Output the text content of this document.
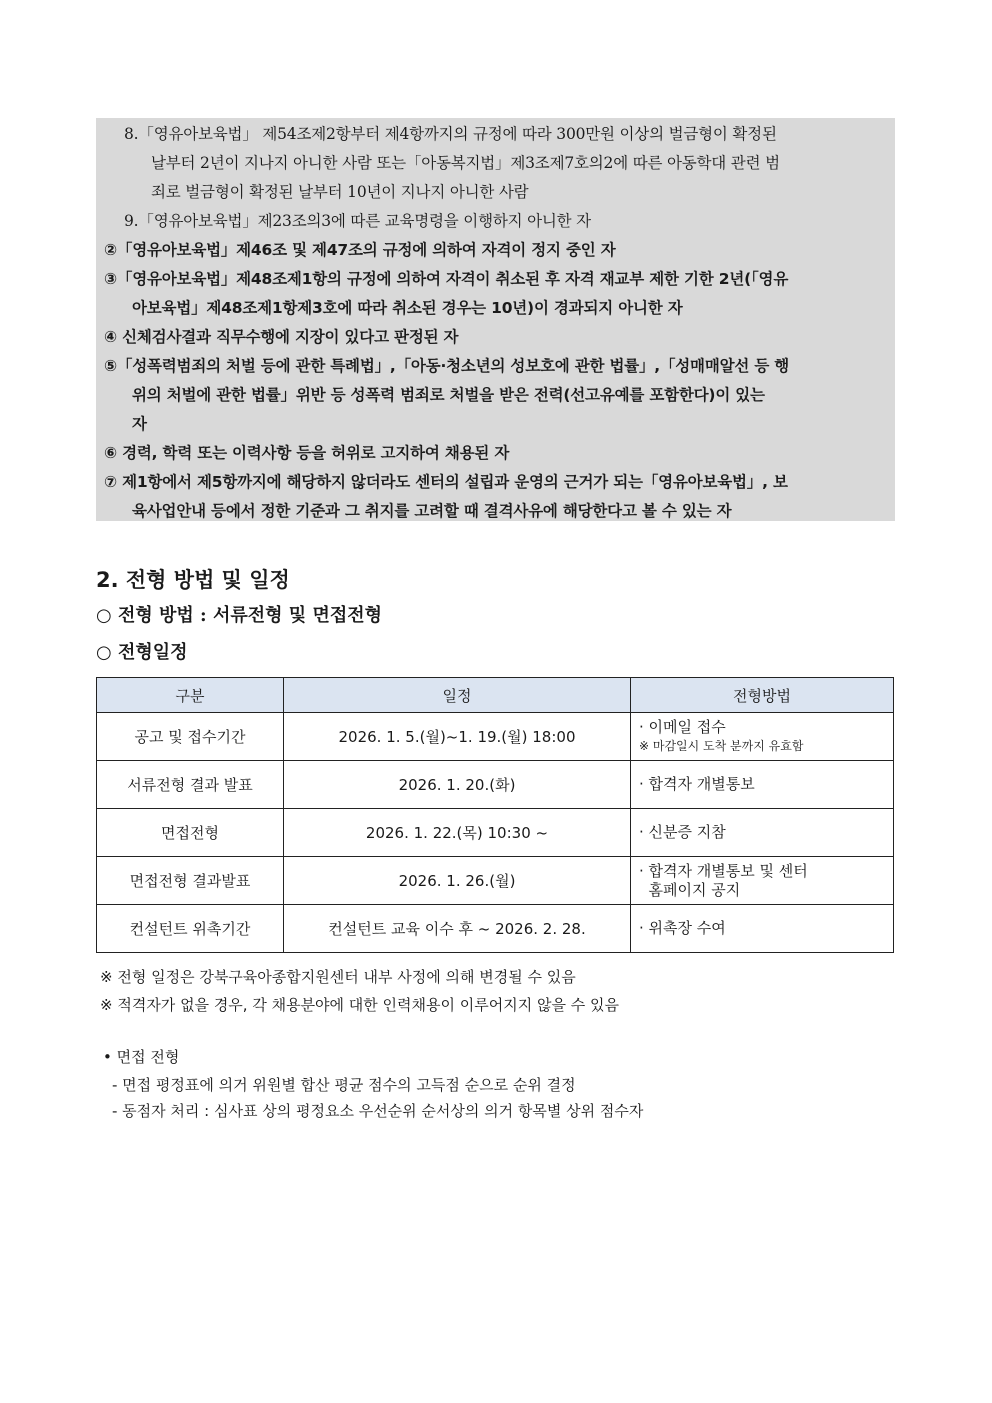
8.「영유아보육법」 제54조제2항부터 제4항까지의 규정에 따라 300만원 이상의 벌금형이 확정된
날부터 2년이 지나지 아니한 사람 또는「아동복지법」제3조제7호의2에 따른 아동학대 관련 범
죄로 벌금형이 확정된 날부터 10년이 지나지 아니한 사람
9.「영유아보육법」제23조의3에 따른 교육명령을 이행하지 아니한 자
②「영유아보육법」제46조 및 제47조의 규정에 의하여 자격이 정지 중인 자
③「영유아보육법」제48조제1항의 규정에 의하여 자격이 취소된 후 자격 재교부 제한 기한 2년(「영유
아보육법」제48조제1항제3호에 따라 취소된 경우는 10년)이 경과되지 아니한 자
④ 신체검사결과 직무수행에 지장이 있다고 판정된 자
⑤「성폭력범죄의 처벌 등에 관한 특례법」,「아동·청소년의 성보호에 관한 법률」,「성매매알선 등 행
위의 처벌에 관한 법률」위반 등 성폭력 범죄로 처벌을 받은 전력(선고유예를 포함한다)이 있는
자
⑥ 경력, 학력 또는 이력사항 등을 허위로 고지하여 채용된 자
⑦ 제1항에서 제5항까지에 해당하지 않더라도 센터의 설립과 운영의 근거가 되는「영유아보육법」, 보
육사업안내 등에서 정한 기준과 그 취지를 고려할 때 결격사유에 해당한다고 볼 수 있는 자
2. 전형 방법 및 일정
○ 전형 방법 : 서류전형 및 면접전형
○ 전형일정
구분	일정	전형방법
공고 및 접수기간	2026. 1. 5.(월)~1. 19.(월) 18:00	· 이메일 접수
※ 마감일시 도착 분까지 유효함

서류전형 결과 발표	2026. 1. 20.(화)	· 합격자 개별통보

면접전형	2026. 1. 22.(목) 10:30 ~	· 신분증 지참

면접전형 결과발표	2026. 1. 26.(월)	· 합격자 개별통보 및 센터
홈페이지 공지

컨설턴트 위촉기간	컨설턴트 교육 이수 후 ~ 2026. 2. 28.	· 위촉장 수여
※ 전형 일정은 강북구육아종합지원센터 내부 사정에 의해 변경될 수 있음
※ 적격자가 없을 경우, 각 채용분야에 대한 인력채용이 이루어지지 않을 수 있음
• 면접 전형
- 면접 평정표에 의거 위원별 합산 평균 점수의 고득점 순으로 순위 결정
- 동점자 처리 : 심사표 상의 평정요소 우선순위 순서상의 의거 항목별 상위 점수자
